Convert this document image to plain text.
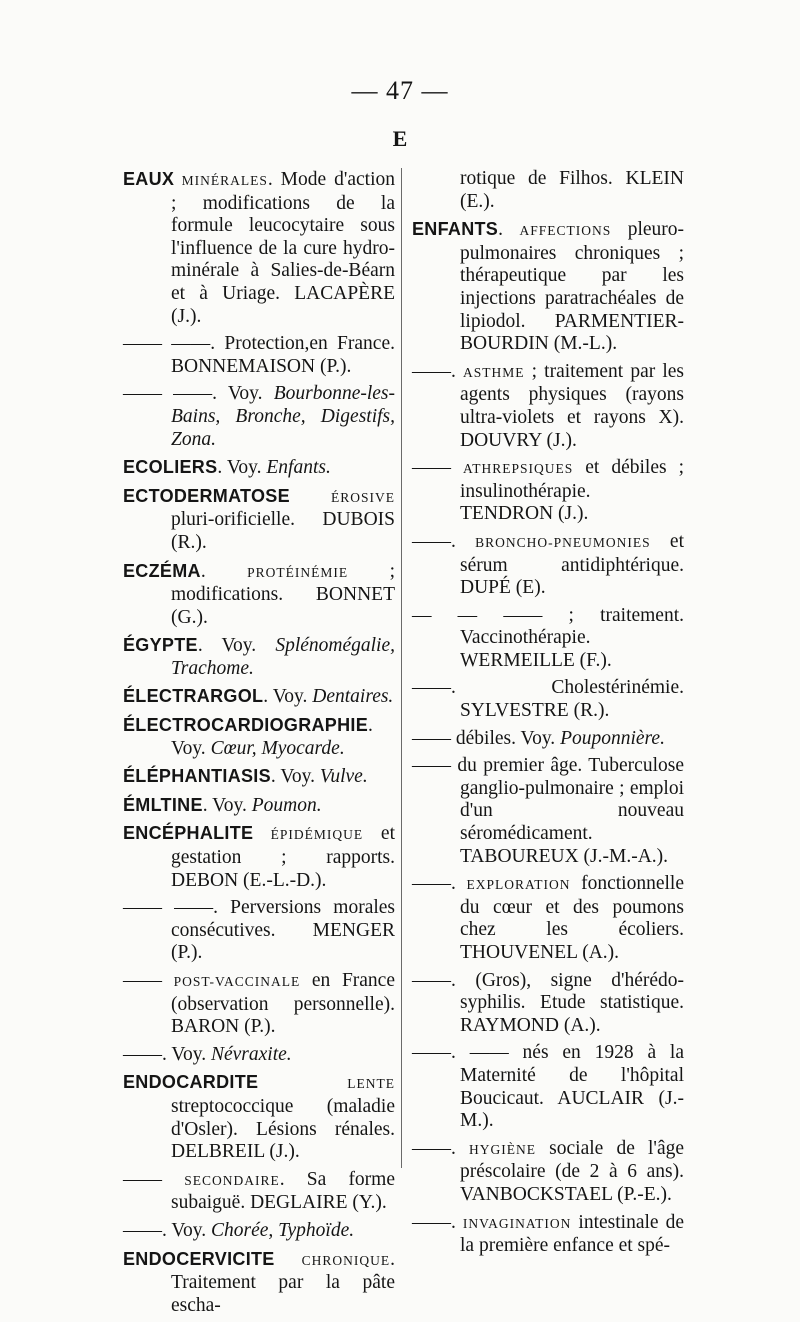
— 47 —
E
EAUX MINÉRALES. Mode d'action ; modifications de la formule leucocytaire sous l'influence de la cure hydro-minérale à Salies-de-Béarn et à Uriage. LACAPÈRE (J.).
—— ——. Protection,en France. BONNEMAISON (P.).
—— ——. Voy. Bourbonne-les-Bains, Bronche, Digestifs, Zona.
ECOLIERS. Voy. Enfants.
ECTODERMATOSE ÉROSIVE pluri-orificielle. DUBOIS (R.).
ECZÉMA. PROTÉINÉMIE ; modifications. BONNET (G.).
ÉGYPTE. Voy. Splénomégalie, Trachome.
ÉLECTRARGOL. Voy. Dentaires.
ÉLECTROCARDIOGRAPHIE. Voy. Cœur, Myocarde.
ÉLÉPHANTIASIS. Voy. Vulve.
ÉMLTINE. Voy. Poumon.
ENCÉPHALITE ÉPIDÉMIQUE et gestation ; rapports. DEBON (E.-L.-D.).
—— ——. Perversions morales consécutives. MENGER (P.).
—— POST-VACCINALE en France (observation personnelle). BARON (P.).
——. Voy. Névraxite.
ENDOCARDITE LENTE streptococcique (maladie d'Osler). Lésions rénales. DELBREIL (J.).
—— SECONDAIRE. Sa forme subaiguë. DEGLAIRE (Y.).
——. Voy. Chorée, Typhoïde.
ENDOCERVICITE CHRONIQUE. Traitement par la pâte escha-
rotique de Filhos. KLEIN (E.).
ENFANTS. AFFECTIONS pleuro-pulmonaires chroniques ; thérapeutique par les injections paratrachéales de lipiodol. PARMENTIER-BOURDIN (M.-L.).
——. ASTHME ; traitement par les agents physiques (rayons ultra-violets et rayons X). DOUVRY (J.).
—— ATHREPSIQUES et débiles ; insulinothérapie. TENDRON (J.).
——. BRONCHO-PNEUMONIES et sérum antidiphtérique. DUPÉ (E).
— — —— ; traitement. Vaccinothérapie. WERMEILLE (F.).
——. Cholestérinémie. SYLVESTRE (R.).
—— débiles. Voy. Pouponnière.
—— du premier âge. Tuberculose ganglio-pulmonaire ; emploi d'un nouveau séromédicament. TABOUREUX (J.-M.-A.).
——. EXPLORATION fonctionnelle du cœur et des poumons chez les écoliers. THOUVENEL (A.).
——. (Gros), signe d'hérédo-syphilis. Etude statistique. RAYMOND (A.).
——. —— nés en 1928 à la Maternité de l'hôpital Boucicaut. AUCLAIR (J.-M.).
——. HYGIÈNE sociale de l'âge préscolaire (de 2 à 6 ans). VANBOCKSTAEL (P.-E.).
——. INVAGINATION intestinale de la première enfance et spé-
